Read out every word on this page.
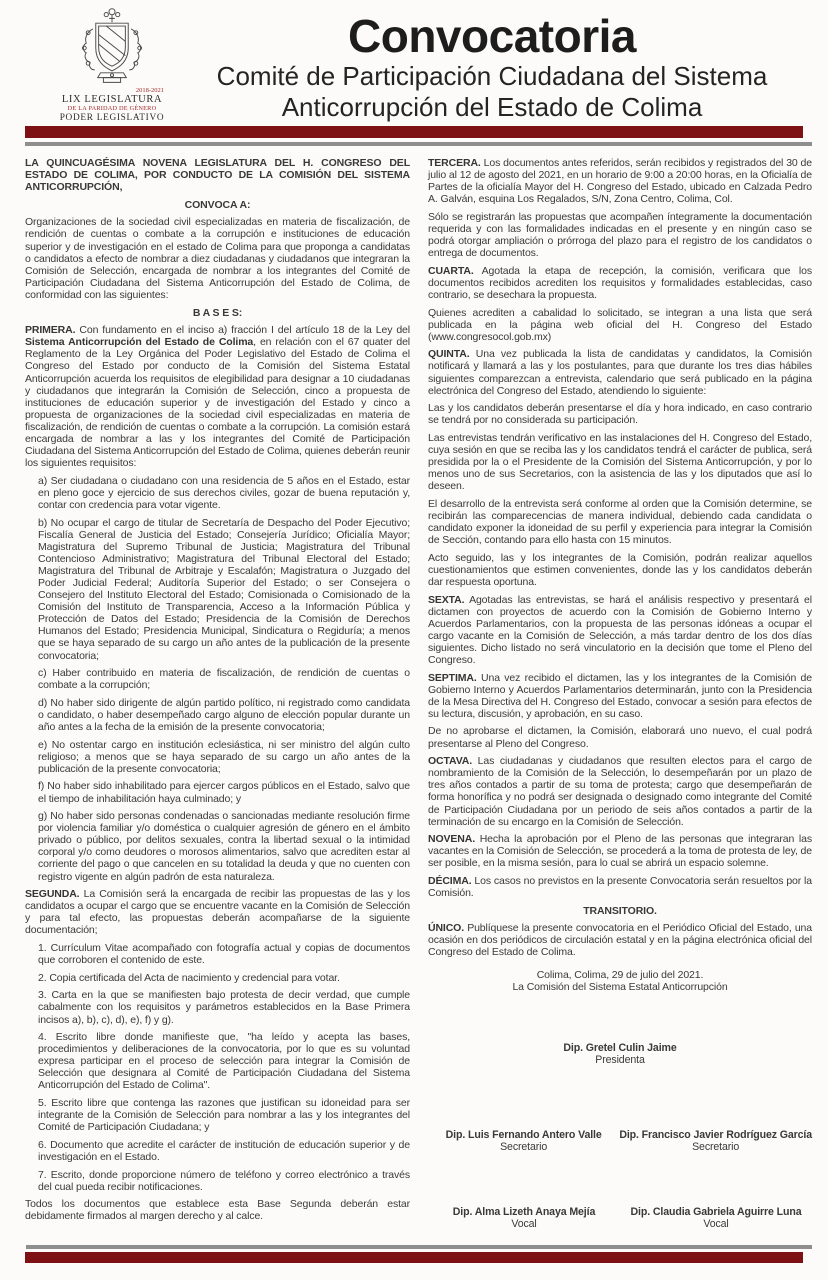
2018-2021
LIX LEGISLATURA
DE LA PARIDAD DE GÉNERO
PODER LEGISLATIVO
Convocatoria
Comité de Participación Ciudadana del Sistema
Anticorrupción del Estado de Colima

LA QUINCUAGÉSIMA NOVENA LEGISLATURA DEL H. CONGRESO DEL ESTADO DE COLIMA, POR CONDUCTO DE LA COMISIÓN DEL SISTEMA ANTICORRUPCIÓN,

CONVOCA A:

Organizaciones de la sociedad civil especializadas en materia de fiscalización, de rendición de cuentas o combate a la corrupción e instituciones de educación superior y de investigación en el estado de Colima para que proponga a candidatas o candidatos a efecto de nombrar a diez ciudadanas y ciudadanos que integraran la Comisión de Selección, encargada de nombrar a los integrantes del Comité de Participación Ciudadana del Sistema Anticorrupción del Estado de Colima, de conformidad con las siguientes:

B A S E S:

PRIMERA. Con fundamento en el inciso a) fracción I del artículo 18 de la Ley del Sistema Anticorrupción del Estado de Colima, en relación con el 67 quater del Reglamento de la Ley Orgánica del Poder Legislativo del Estado de Colima el Congreso del Estado por conducto de la Comisión del Sistema Estatal Anticorrupción acuerda los requisitos de elegibilidad para designar a 10 ciudadanas y ciudadanos que integrarán la Comisión de Selección, cinco a propuesta de instituciones de educación superior y de investigación del Estado y cinco a propuesta de organizaciones de la sociedad civil especializadas en materia de fiscalización, de rendición de cuentas o combate a la corrupción. La comisión estará encargada de nombrar a las y los integrantes del Comité de Participación Ciudadana del Sistema Anticorrupción del Estado de Colima, quienes deberán reunir los siguientes requisitos:

a) Ser ciudadana o ciudadano con una residencia de 5 años en el Estado, estar en pleno goce y ejercicio de sus derechos civiles, gozar de buena reputación y, contar con credencia para votar vigente.

b) No ocupar el cargo de titular de Secretaría de Despacho del Poder Ejecutivo; Fiscalía General de Justicia del Estado; Consejería Jurídico; Oficialía Mayor; Magistratura del Supremo Tribunal de Justicia; Magistratura del Tribunal Contencioso Administrativo; Magistratura del Tribunal Electoral del Estado; Magistratura del Tribunal de Arbitraje y Escalafón; Magistratura o Juzgado del Poder Judicial Federal; Auditoría Superior del Estado; o ser Consejera o Consejero del Instituto Electoral del Estado; Comisionada o Comisionado de la Comisión del Instituto de Transparencia, Acceso a la Información Pública y Protección de Datos del Estado; Presidencia de la Comisión de Derechos Humanos del Estado; Presidencia Municipal, Sindicatura o Regiduría; a menos que se haya separado de su cargo un año antes de la publicación de la presente convocatoria;

c) Haber contribuido en materia de fiscalización, de rendición de cuentas o combate a la corrupción;

d) No haber sido dirigente de algún partido político, ni registrado como candidata o candidato, o haber desempeñado cargo alguno de elección popular durante un año antes a la fecha de la emisión de la presente convocatoria;

e) No ostentar cargo en institución eclesiástica, ni ser ministro del algún culto religioso; a menos que se haya separado de su cargo un año antes de la publicación de la presente convocatoria;

f) No haber sido inhabilitado para ejercer cargos públicos en el Estado, salvo que el tiempo de inhabilitación haya culminado; y

g) No haber sido personas condenadas o sancionadas mediante resolución firme por violencia familiar y/o doméstica o cualquier agresión de género en el ámbito privado o público, por delitos sexuales, contra la libertad sexual o la intimidad corporal y/o como deudores o morosos alimentarios, salvo que acrediten estar al corriente del pago o que cancelen en su totalidad la deuda y que no cuenten con registro vigente en algún padrón de esta naturaleza.

SEGUNDA. La Comisión será la encargada de recibir las propuestas de las y los candidatos a ocupar el cargo que se encuentre vacante en la Comisión de Selección y para tal efecto, las propuestas deberán acompañarse de la siguiente documentación;

1. Currículum Vitae acompañado con fotografía actual y copias de documentos que corroboren el contenido de este.

2. Copia certificada del Acta de nacimiento y credencial para votar.

3. Carta en la que se manifiesten bajo protesta de decir verdad, que cumple cabalmente con los requisitos y parámetros establecidos en la Base Primera incisos a), b), c), d), e), f) y g).

4. Escrito libre donde manifieste que, "ha leído y acepta las bases, procedimientos y deliberaciones de la convocatoria, por lo que es su voluntad expresa participar en el proceso de selección para integrar la Comisión de Selección que designara al Comité de Participación Ciudadana del Sistema Anticorrupción del Estado de Colima".

5. Escrito libre que contenga las razones que justifican su idoneidad para ser integrante de la Comisión de Selección para nombrar a las y los integrantes del Comité de Participación Ciudadana; y

6. Documento que acredite el carácter de institución de educación superior y de investigación en el Estado.

7. Escrito, donde proporcione número de teléfono y correo electrónico a través del cual pueda recibir notificaciones.

Todos los documentos que establece esta Base Segunda deberán estar debidamente firmados al margen derecho y al calce.

TERCERA. Los documentos antes referidos, serán recibidos y registrados del 30 de julio al 12 de agosto del 2021, en un horario de 9:00 a 20:00 horas, en la Oficialía de Partes de la oficialía Mayor del H. Congreso del Estado, ubicado en Calzada Pedro A. Galván, esquina Los Regalados, S/N, Zona Centro, Colima, Col.

Sólo se registrarán las propuestas que acompañen íntegramente la documentación requerida y con las formalidades indicadas en el presente y en ningún caso se podrá otorgar ampliación o prórroga del plazo para el registro de los candidatos o entrega de documentos.

CUARTA. Agotada la etapa de recepción, la comisión, verificara que los documentos recibidos acrediten los requisitos y formalidades establecidas, caso contrario, se desechara la propuesta.

Quienes acrediten a cabalidad lo solicitado, se integran a una lista que será publicada en la página web oficial del H. Congreso del Estado (www.congresocol.gob.mx)

QUINTA. Una vez publicada la lista de candidatas y candidatos, la Comisión notificará y llamará a las y los postulantes, para que durante los tres dias hábiles siguientes comparezcan a entrevista, calendario que será publicado en la página electrónica del Congreso del Estado, atendiendo lo siguiente:

Las y los candidatos deberán presentarse el día y hora indicado, en caso contrario se tendrá por no considerada su participación.

Las entrevistas tendrán verificativo en las instalaciones del H. Congreso del Estado, cuya sesión en que se reciba las y los candidatos tendrá el carácter de publica, será presidida por la o el Presidente de la Comisión del Sistema Anticorrupción, y por lo menos uno de sus Secretarios, con la asistencia de las y los diputados que así lo deseen.

El desarrollo de la entrevista será conforme al orden que la Comisión determine, se recibirán las comparecencias de manera individual, debiendo cada candidata o candidato exponer la idoneidad de su perfil y experiencia para integrar la Comisión de Sección, contando para ello hasta con 15 minutos.

Acto seguido, las y los integrantes de la Comisión, podrán realizar aquellos cuestionamientos que estimen convenientes, donde las y los candidatos deberán dar respuesta oportuna.

SEXTA. Agotadas las entrevistas, se hará el análisis respectivo y presentará el dictamen con proyectos de acuerdo con la Comisión de Gobierno Interno y Acuerdos Parlamentarios, con la propuesta de las personas idóneas a ocupar el cargo vacante en la Comisión de Selección, a más tardar dentro de los dos días siguientes. Dicho listado no será vinculatorio en la decisión que tome el Pleno del Congreso.

SEPTIMA. Una vez recibido el dictamen, las y los integrantes de la Comisión de Gobierno Interno y Acuerdos Parlamentarios determinarán, junto con la Presidencia de la Mesa Directiva del H. Congreso del Estado, convocar a sesión para efectos de su lectura, discusión, y aprobación, en su caso.

De no aprobarse el dictamen, la Comisión, elaborará uno nuevo, el cual podrá presentarse al Pleno del Congreso.

OCTAVA. Las ciudadanas y ciudadanos que resulten electos para el cargo de nombramiento de la Comisión de la Selección, lo desempeñarán por un plazo de tres años contados a partir de su toma de protesta; cargo que desempeñarán de forma honorífica y no podrá ser designada o designado como integrante del Comité de Participación Ciudadana por un periodo de seis años contados a partir de la terminación de su encargo en la Comisión de Selección.

NOVENA. Hecha la aprobación por el Pleno de las personas que integraran las vacantes en la Comisión de Selección, se procederá a la toma de protesta de ley, de ser posible, en la misma sesión, para lo cual se abrirá un espacio solemne.

DÉCIMA. Los casos no previstos en la presente Convocatoria serán resueltos por la Comisión.

TRANSITORIO.

ÚNICO. Publíquese la presente convocatoria en el Periódico Oficial del Estado, una ocasión en dos periódicos de circulación estatal y en la página electrónica oficial del Congreso del Estado de Colima.

Colima, Colima, 29 de julio del 2021.
La Comisión del Sistema Estatal Anticorrupción
Dip. Gretel Culin Jaime
Presidenta
Dip. Luis Fernando Antero Valle
Secretario
Dip. Francisco Javier Rodríguez García
Secretario
Dip. Alma Lizeth Anaya Mejía
Vocal
Dip. Claudia Gabriela Aguirre Luna
Vocal
